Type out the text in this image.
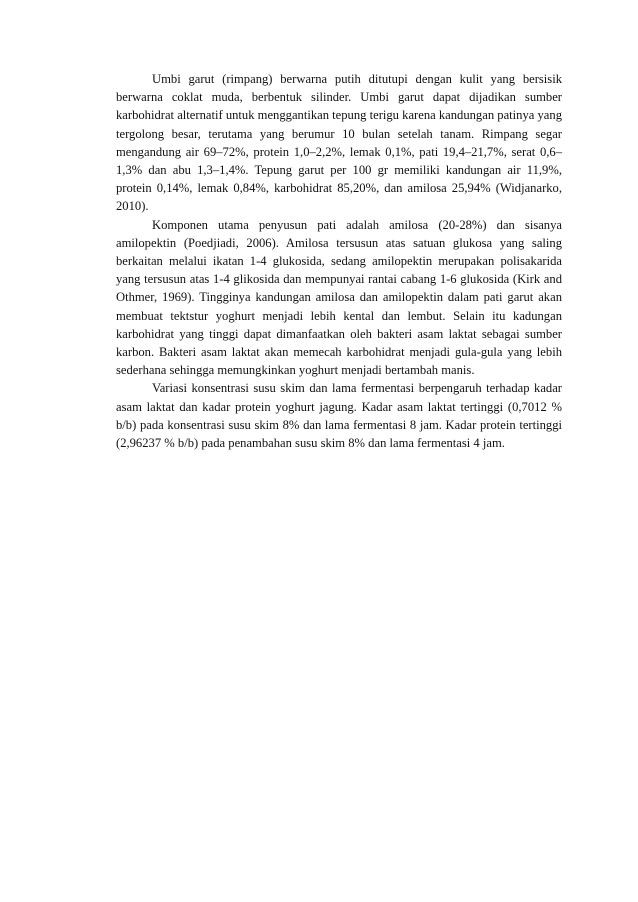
Umbi garut (rimpang) berwarna putih ditutupi dengan kulit yang bersisik berwarna coklat muda, berbentuk silinder. Umbi garut dapat dijadikan sumber karbohidrat alternatif untuk menggantikan tepung terigu karena kandungan patinya yang tergolong besar, terutama yang berumur 10 bulan setelah tanam. Rimpang segar mengandung air 69–72%, protein 1,0–2,2%, lemak 0,1%, pati 19,4–21,7%, serat 0,6–1,3% dan abu 1,3–1,4%. Tepung garut per 100 gr memiliki kandungan air 11,9%, protein 0,14%, lemak 0,84%, karbohidrat 85,20%, dan amilosa 25,94% (Widjanarko, 2010).

Komponen utama penyusun pati adalah amilosa (20-28%) dan sisanya amilopektin (Poedjiadi, 2006). Amilosa tersusun atas satuan glukosa yang saling berkaitan melalui ikatan 1-4 glukosida, sedang amilopektin merupakan polisakarida yang tersusun atas 1-4 glikosida dan mempunyai rantai cabang 1-6 glukosida (Kirk and Othmer, 1969). Tingginya kandungan amilosa dan amilopektin dalam pati garut akan membuat tektstur yoghurt menjadi lebih kental dan lembut. Selain itu kadungan karbohidrat yang tinggi dapat dimanfaatkan oleh bakteri asam laktat sebagai sumber karbon. Bakteri asam laktat akan memecah karbohidrat menjadi gula-gula yang lebih sederhana sehingga memungkinkan yoghurt menjadi bertambah manis.

Variasi konsentrasi susu skim dan lama fermentasi berpengaruh terhadap kadar asam laktat dan kadar protein yoghurt jagung. Kadar asam laktat tertinggi (0,7012 % b/b) pada konsentrasi susu skim 8% dan lama fermentasi 8 jam. Kadar protein tertinggi (2,96237 % b/b) pada penambahan susu skim 8% dan lama fermentasi 4 jam.
